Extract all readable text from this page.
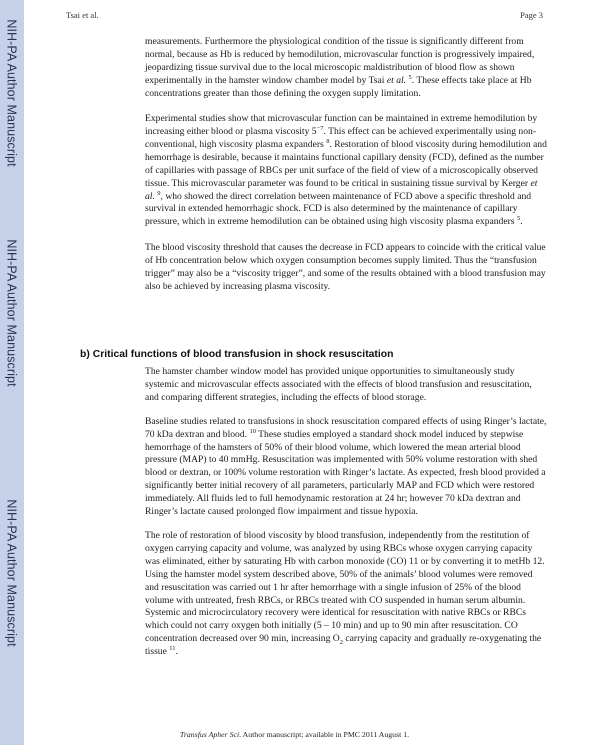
NIH-PA Author Manuscript
NIH-PA Author Manuscript
NIH-PA Author Manuscript
Tsai et al.	Page 3

measurements. Furthermore the physiological condition of the tissue is significantly different from normal, because as Hb is reduced by hemodilution, microvascular function is progressively impaired, jeopardizing tissue survival due to the local microscopic maldistribution of blood flow as shown experimentally in the hamster window chamber model by Tsai et al. $^5$. These effects take place at Hb concentrations greater than those defining the oxygen supply limitation.

Experimental studies show that microvascular function can be maintained in extreme hemodilution by increasing either blood or plasma viscosity $5^{-7}$. This effect can be achieved experimentally using non-conventional, high viscosity plasma expanders $^8$. Restoration of blood viscosity during hemodilution and hemorrhage is desirable, because it maintains functional capillary density (FCD), defined as the number of capillaries with passage of RBCs per unit surface of the field of view of a microscopically observed tissue. This microvascular parameter was found to be critical in sustaining tissue survival by Kerger et al. $^9$, who showed the direct correlation between maintenance of FCD above a specific threshold and survival in extended hemorrhagic shock. FCD is also determined by the maintenance of capillary pressure, which in extreme hemodilution can be obtained using high viscosity plasma expanders $^5$.

The blood viscosity threshold that causes the decrease in FCD appears to coincide with the critical value of Hb concentration below which oxygen consumption becomes supply limited. Thus the “transfusion trigger” may also be a “viscosity trigger”, and some of the results obtained with a blood transfusion may also be achieved by increasing plasma viscosity.

b) Critical functions of blood transfusion in shock resuscitation

The hamster chamber window model has provided unique opportunities to simultaneously study systemic and microvascular effects associated with the effects of blood transfusion and resuscitation, and comparing different strategies, including the effects of blood storage.

Baseline studies related to transfusions in shock resuscitation compared effects of using Ringer’s lactate, 70 kDa dextran and blood. $^{10}$ These studies employed a standard shock model induced by stepwise hemorrhage of the hamsters of 50% of their blood volume, which lowered the mean arterial blood pressure (MAP) to 40 mmHg. Resuscitation was implemented with 50% volume restoration with shed blood or dextran, or 100% volume restoration with Ringer’s lactate. As expected, fresh blood provided a significantly better initial recovery of all parameters, particularly MAP and FCD which were restored immediately. All fluids led to full hemodynamic restoration at 24 hr; however 70 kDa dextran and Ringer’s lactate caused prolonged flow impairment and tissue hypoxia.

The role of restoration of blood viscosity by blood transfusion, independently from the restitution of oxygen carrying capacity and volume, was analyzed by using RBCs whose oxygen carrying capacity was eliminated, either by saturating Hb with carbon monoxide (CO) 11 or by converting it to metHb 12. Using the hamster model system described above, 50% of the animals’ blood volumes were removed and resuscitation was carried out 1 hr after hemorrhage with a single infusion of 25% of the blood volume with untreated, fresh RBCs, or RBCs treated with CO suspended in human serum albumin. Systemic and microcirculatory recovery were identical for resuscitation with native RBCs or RBCs which could not carry oxygen both initially (5 – 10 min) and up to 90 min after resuscitation. CO concentration decreased over 90 min, increasing $O_2$ carrying capacity and gradually re-oxygenating the tissue $^{11}$.

Transfus Apher Sci. Author manuscript; available in PMC 2011 August 1.
